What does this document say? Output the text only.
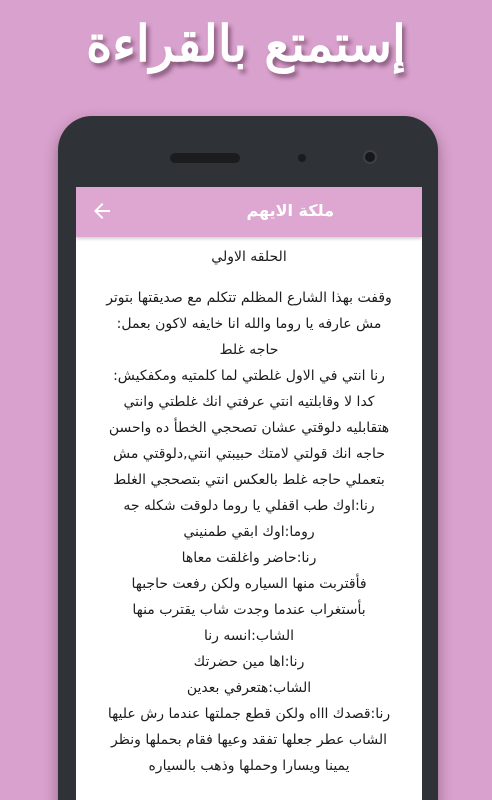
إستمتع بالقراءة
ملكة الايهم
الحلقه الاولي
وقفت بهذا الشارع المظلم تتكلم مع صديقتها بتوتر
مش عارفه يا روما والله انا خايفه لاكون بعمل:
حاجه غلط
رنا انتي في الاول غلطتي لما كلمتيه ومكفكيش:
كدا لا وقابلتيه انتي عرفتي انك غلطتي وانتي
هتقابليه دلوقتي عشان تصحجي الخطأ ده واحسن
حاجه انك قولتي لامتك حبيبتي انتي,دلوقتي مش
بتعملي حاجه غلط بالعكس انتي بتصحجي الغلط
رنا:اوك طب اقفلي يا روما دلوقت شكله جه
روما:اوك ابقي طمنيني
رنا:حاضر واغلقت معاها
فأقتربت منها السياره ولكن رفعت حاجبها
بأستغراب عندما وجدت شاب يقترب منها
الشاب:انسه رنا
رنا:اها مين حضرتك
الشاب:هتعرفي بعدين
رنا:قصدك اااه ولكن قطع جملتها عندما رش عليها
الشاب عطر جعلها تفقد وعيها فقام بحملها ونظر
يمينا ويسارا وحملها وذهب بالسياره
